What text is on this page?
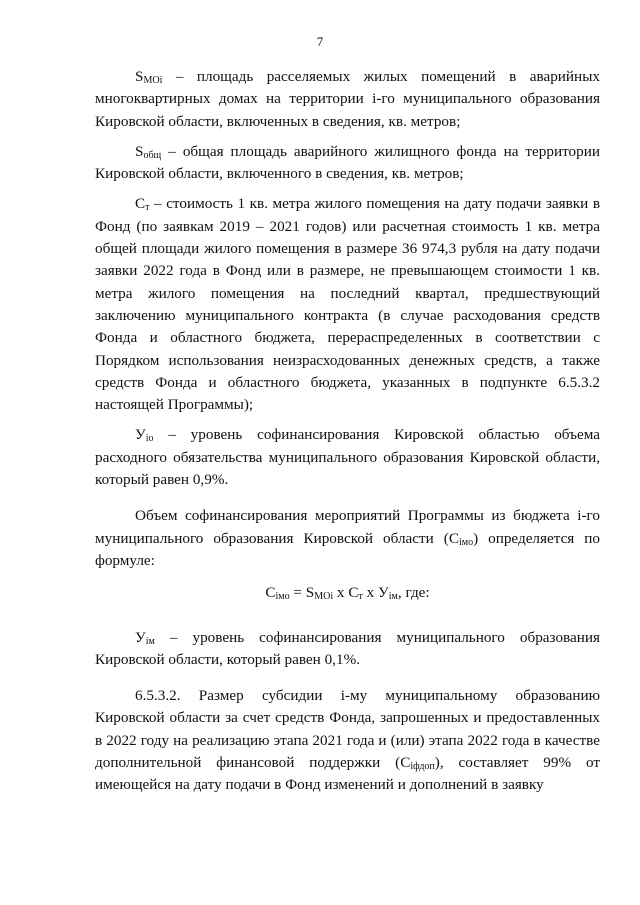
7

$S_{MOi}$ – площадь расселяемых жилых помещений в аварийных многоквартирных домах на территории i-го муниципального образования Кировской области, включенных в сведения, кв. метров;

$S_{общ}$ – общая площадь аварийного жилищного фонда на территории Кировской области, включенного в сведения, кв. метров;

$С_т$ – стоимость 1 кв. метра жилого помещения на дату подачи заявки в Фонд (по заявкам 2019 – 2021 годов) или расчетная стоимость 1 кв. метра общей площади жилого помещения в размере 36 974,3 рубля на дату подачи заявки 2022 года в Фонд или в размере, не превышающем стоимости 1 кв. метра жилого помещения на последний квартал, предшествующий заключению муниципального контракта (в случае расходования средств Фонда и областного бюджета, перераспределенных в соответствии с Порядком использования неизрасходованных денежных средств, а также средств Фонда и областного бюджета, указанных в подпункте 6.5.3.2 настоящей Программы);

$У_{io}$ – уровень софинансирования Кировской областью объема расходного обязательства муниципального образования Кировской области, который равен 0,9%.

Объем софинансирования мероприятий Программы из бюджета i-го муниципального образования Кировской области $(С_{iмо})$ определяется по формуле:

$С_{iмо} = S_{MOi}$ х $С_т$ х $У_{iм}$, где:

$У_{iм}$ – уровень софинансирования муниципального образования Кировской области, который равен 0,1%.

6.5.3.2. Размер субсидии i-му муниципальному образованию Кировской области за счет средств Фонда, запрошенных и предоставленных в 2022 году на реализацию этапа 2021 года и (или) этапа 2022 года в качестве дополнительной финансовой поддержки $(С_{iфдоп})$, составляет 99% от имеющейся на дату подачи в Фонд изменений и дополнений в заявку
